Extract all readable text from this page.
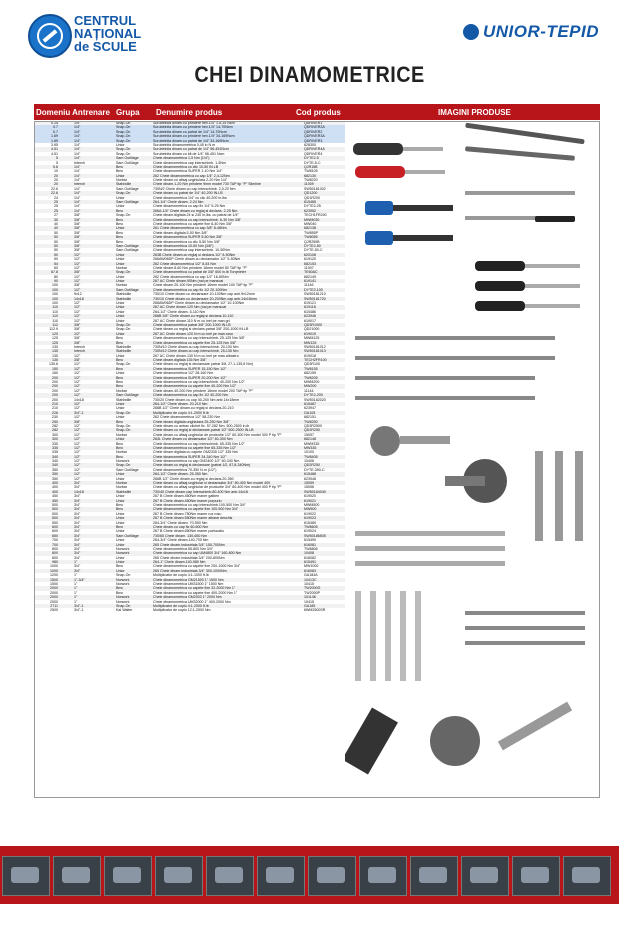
CENTRUL
NAȚIONAL
de SCULE
UNIOR-TEPID
CHEI DINAMOMETRICE
Domeniu Antrenare Grupa Denumire produs	Cod produs	IMAGINI PRODUSE
0.15	1/4"	Snap-On	Surubelnita dinam.cu prindere hex.1/4" 1.5-15 Ncm	QDRIVER1
0.7	1/4"	Snap-On	Surubelnita dinam.cu prindere hex.1/4" 14-70Ncm	QDRIVER2A
0.7	1/4"	Snap-On	Surubelnita dinam.cu patrat de 1/4" 14-70Ncm	QDRIVER2
1.69	1/4"	Snap-On	Surubelnita dinam.cu prindere hex.1/4" 34-169Ncm	QDRIVER3A
1.69	1/4"	Snap-On	Surubelnita dinam.cu patrat de 1/4" 34-169Ncm	QDRIVER3
3.95	1/4"	Unior	Surubelnita dinamometrica 0,45 in N.m	628300
4.51	1/4"	Snap-On	Surubelnita dinam.cu patrat de 1/4" 56-451Ncm	QDRIVER4A
4.51	1/4"	Snap-On	Surubelnita dinam.cu bit de 1/4" 56-451 Ncm	QDRIVER4
5	1/4"	Sam Outillage	Cheie dinamometrica 1-5 Nm (1/4")	DYTE2-5
5	Interch	Sam Outillage	Cheie dinamometrica cap interschimb. 1-5Nm	DYTE-5-C
5.6	1/4"	Bmc	Cheie dinamometrica cu clic 10-50 IN.LB	QJR15B
10	1/4"	Bmc	Cheie dinamometrica SUPER 1-10 Nm 1/4"	TW8105
20	1/4"	Unior	262 Cheie dinamometrica cu cap 1/4" 2,4-12Nm	682130
20	1/4"	Norbar	Cheie dinam.cu afisaj unghiulara 2-20 Nm 1/4"	TW8220
20	Interch	Stahlwille	Cheie dinam.1-20 Nm prindere 9mm model 730 TAP tip "P" Slimline	11009
22.6	1/4"	Sam Outillage	730N/2 Cheie dinam.cu cap interschimb. 2,0-20 Nm	SW50181002
22.6	1/4"	Snap-On	Cheie dinam.cu patrat de 1/4" 40-200 IN.LB	QD1200
24	1/4"	Unior	Cheie dinamometrica 1/4" cu clic 40-200 in.lbs	QD1R200
25	1/4"	Sam Outillage	264-1/4" Cheie dinam. 2-24 Nm	615485
25	1/4"	Unior	Cheie dinamometrica cu cap fix 1/4" 5-25 Nm	DYTE2-25
25	1/4"	Bmc	266A-1/4" Cheie dinam.cu reglaj si declans. 2-25 Nm	623952
27	3/8"	Snap-On	Cheie dinam.digitala 24 si 240 in.lbs. cu patrat de 1/4"	TECH1FR240
30	3/8"	Bmc	Cheie dinamometrica cu cap interschimb. 6-30 Nm 3/8"	MWM030
40	3/8"	Bmc	Cheie dinamometrica cu capete fixe 8-40 Nm 3/8"	MW040
40	3/8"	Unior	261 Cheie dinamometrica cu cap 3/8" 8-48Nm	682138
50	3/8"	Bmc	Cheie dinam.digitala 5-50 Nm 3/8"	TW855P
50	3/8"	Bmc	Cheie dinamometrica SUPER 5-50 Nm 3/8"	TW8055
50	3/8"	Bmc	Cheie dinamometrica cu clic 5-50 Nm 3/8"	QJR250B
50	3/8"	Sam Outillage	Cheie dinamometrica 10-50 Nm (3/8")	DYTE2-50
50	3/8"	Sam Outillage	Cheie dinamometrica cap interschimb. 10-50Nm	DYTE-50-C
50	1/2"	Unior	263B Cheie dinam.cu reglaj si declans.1/2" 8-50Nm	620108
50	1/2"	Unior	266AW06DP Cheie dinam.cu declansator 1/2" 5-50Nm	619120
54	1/2"	Unior	262 Cheie dinamometrica 1/2" 8-54 Nm	682153
60	1/2"	Norbar	Cheie dinam.8-60 Nm prindere 16mm model 80 TAP tip "P"	11007
67.8	3/8"	Snap-On	Cheie dinamometrica cu patrat de 3/8" 600 in.lb Torqmeter	TE60AC
80	1/2"	Unior	262 Cheie dinamometrica cu cap 1/2" 16-80Nm	682149
90	1/2"	Unior	267 AC Cheie dinam.90Nm (nal pe mansoai	619141
100	3/8"	Norbar	Cheie dinam.20-100 Nm prindere 16mm model 100 TAP tip "P"	11146
100	1/2"	Sam Outillage	Cheie dinamometrica cu cap fix 1/2 20-100Nm	DYTE2-100
100	9x12	Stahlwille	730/10 Cheie dinam.cu declansare 10-100Nm cap antr.9x12mm	SW50181210
100	14x18	Stahlwille	730/10 Cheie dinam.cu declansare 20-200Nm cap antr.14x18mm	SW50181720
100	1/2"	Unior	266AW06DP Cheie dinam.cu declansator 1/2" 10-100Nm	619121
110	1/2"	Unior	267 AC Cheie dinam.120 Nm (nal pe mansoai	619118
110	1/2"	Unior	264-1/2" Cheie dinam. 5-110 Nm	615486
110	1/2"	Unior	266B 3/8" Cheie dinam.cu reglaj si declans.10-110	623946
110	1/2"	Unior	267 AC Cheie dinam.110 N m cu inel pe man.gri	619017
112	3/8"	Snap-On	Cheie dinamometrica patrat 3/8" 200-1000 IN.LB	QD3R1000
112.9	3/8"	Snap-On	Cheie dinam.cu reglaj si declans.patrat 3/8" 200-1000 IN.LB	QD21000
120	1/2"	Unior	267 AC Cheie dinam.120 N m cu inel pe man.rosu	619019
125	3/8"	Bmc	Cheie dinamometrica cu cap interschimb. 25-125 Nm 3/8"	MWM125
125	3/8"	Bmc	Cheie dinamometrica cu capete fixe 25-125 Nm 3/8"	MW125
130	Interch	Stahlwille	730N/10 Cheie dinam.cu cap interschimb. 20-100 Nm	SW50181012
135	Interch	Stahlwille	730N/12 Cheie dinam.cu cap interschimb. 25-135 Nm	SW50181013
135	1/2"	Unior	267 AC Cheie dinam.130 N m cu inel pe man.albastru	619018
135	3/8"	Bmc	Cheie dinam.digitala 135 Nm 3/8"	TECH2FR100
135.6	1/2"	Snap-On	Cheie dinam.cu reglaj si declansare patrat 3/8, 27,1-135,6 Nm)	QD3R100
150	1/2"	Bmc	Cheie dinamometrica SUPER 15-150 Nm 1/2"	TW8155
160	1/2"	Unior	Cheie dinamometrica 1/2" 28-160 Nm	682159
200	1/2"	Bmc	Cheie dinamometrica SUPER 20-200 Nm 1/2"	TW8205
200	1/2"	Bmc	Cheie dinamometrica cu cap interschimb. 40-200 Nm 1/2"	MWM200
200	1/2"	Bmc	Cheie dinamometrica cu capete fixe 40-200 Nm 1/2"	MW200
200	1/2"	Norbar	Cheie dinam.40-200 Nm prindere 16mm model 200 TAP tip "P"	11144
200	1/2"	Sam Outillage	Cheie dinamometrica cu cap fix 1/2 40-200 Nm	DYTE2-200
200	14x18	Stahlwille	730/20 Cheie dinam.cu cap 40-200 Nm antr.14x18mm	SW50182020
210	1/2"	Unior	264-1/2" Cheie dinam. 20-210 Nm	615487
210	1/2"	Unior	266B 1/2" Cheie dinam.cu reglaj si declans.20-210	623947
226	3/4"-1	Snap-On	Multiplicator de cuplu 4:1-2000 ft.lb	GA105
230	1/2"	Unior	262 Cheie dinamometrica 1/2" 58-230 Nm	682151
250	3/8"	Bmc	Cheie dinam.digitala unghiulara 25-250 Nm 3/8"	TW8250
282	1/2"	Snap-On	Cheie dinam.cu antrax clichet fix. 57-282 Nm. 500-2500 in.lb	QD3R2500
282	1/2"	Snap-On	Cheie dinam.cu reglaj si declansare,patrat 1/2" 500-2500 IN.LB	QD2R250
300	1/2"	Norbar	Cheie dinam.cu afisaj unghiular de productie 1/2" 60-300 Nm model 300 P tip "P"	15057
300	1/2"	Unior	263L Cheie dinam.cu declansator 1/2" 60-300 Nm	682148
335	1/2"	Bmc	Cheie dinamometrica cu cap interschimb. 65-335 Nm 1/2"	MWM335
335	1/2"	Bmc	Cheie dinamometrica cu capete fixe 65-335 Nm 1/2"	MW335
335	1/2"	Norbar	Cheie dinam.digitala cu capete OM2335 1/2" 335 Nm	10100
340	1/2"	Bmc	Cheie dinamometrica SUPER 34-340 Nm 1/2"	TW8405
340	1/2"	Norwork	Cheie dinamometrica cu cap GM2400 1/2" 60-340 Nm	10406
340	1/2"	Snap-On	Cheie dinam.cu reglaj si declansare (patrat 1/2, 67,8-340Nm)	QD2R250
350	1/2"	Sam Outillage	Cheie dinamometrica 70-350 N.m (1/2")	DYTE-350-C
350	1/2"	Unior	264-1/2" Cheie dinam. 25-350 Nm	615488
350	1/2"	Unior	266B 1/2" Cheie dinam.cu reglaj si declans.20-350	623948
400	3/4"	Norbar	Cheie dinam.cu afisaj unghiular si declansator 3/4" 80-400 Nm model 400	15059
400	3/4"	Norbar	Cheie dinam.cu afisaj unghiular de productie 3/4" 80-400 Nm model 400 P tip "P"	15056
400	14x18	Stahlwille	730/40 Cheie dinam.cap interschimb.80-400 Nm antr.14x18	SW50184040
450	3/4"	Unior	267 B Cheie dinam.450Nm maner galben	619020
450	3/4"	Unior	267 B Cheie dinam.450Nm maner purpuriu	619021
500	3/4"	Bmc	Cheie dinamometrica cu cap interschimb.100-500 Nm 3/4"	MWM500
500	3/4"	Bmc	Cheie dinamometrica cu capete fixe 100-500 Nm 3/4"	MW500
500	3/4"	Unior	267 B Cheie dinam.750Nm maner roz rosu	619022
500	3/4"	Unior	267 B Cheie dinam.550Nm maner albastr deschis	619023
550	3/4"	Unior	264-3/4" Cheie dinam. 70-550 Nm	615489
600	3/4"	Bmc	Cheie dinam.cu cap fix 60-600 Nm	TW8605
600	3/4"	Unior	267 B Cheie dinam.650Nm maner portocaliu	619024
650	3/4"	Sam Outillage	730/65 Cheie dinam. 130-650 Nm	SW50186505
700	3/4"	Unior	264-3/4" Cheie dinam.140-700 Nm	615490
700	3/4"	Unior	265 Cheie dinam.industriala 3/4" 150-700Nm	616081
800	3/4"	Norwork	Cheie dinamometrica 65-800 Nm 3/4"	TW8806
800	3/4"	Norwork	Cheie dinamometrica cu cap UM4800 3/4" 160-800 Nm	10408
800	3/4"	Unior	265 Cheie dinam.industriala 3/4" 200-800Nm	616082
980	1"	Unior	264-1" Cheie dinam.140-980 Nm	615491
1000	3/4"	Bmc	Cheie dinamometrica cu capete fixe 200-1000 Nm 3/4"	MW1000
1000	3/4"	Unior	265 Cheie dinam.industriala 3/4" 300-1000Nm	616083
1200	1"	Snap-On	Multiplicator de cuplu 4:1-1000 ft.lb	GA184A
1500	1"-3/4"	Norwork	Cheie dinamometrica GM21500 1" 1500 Nm	10413C
1500	1"	Norwork	Cheie dinamometrica UM31500 1" 1500 Nm	10415
2000	1"	Bmc	Cheie dinamometrica cu capete fixe 32-2000 Nm 1"	TW2000G
2000	1"	Bmc	Cheie dinamometrica cu capete fixe 400-2000 Nm 1"	TW2000P
2000	1"	Norwork	Cheie dinamometrica GM2003 1" 2000 Nm	10114K
2000	1"	Norwork	Cheie dinamometrica UM32000 1" 400-2000 Nm	10415
2711	3/4"-1	Snap-On	Multiplicator de cuplu 4:1-2000 ft.lb	GA185
2500	3/4"-1	Kal Walter	Multiplicator de cuplu 12:1-2500 Nm	6WM2500SR
